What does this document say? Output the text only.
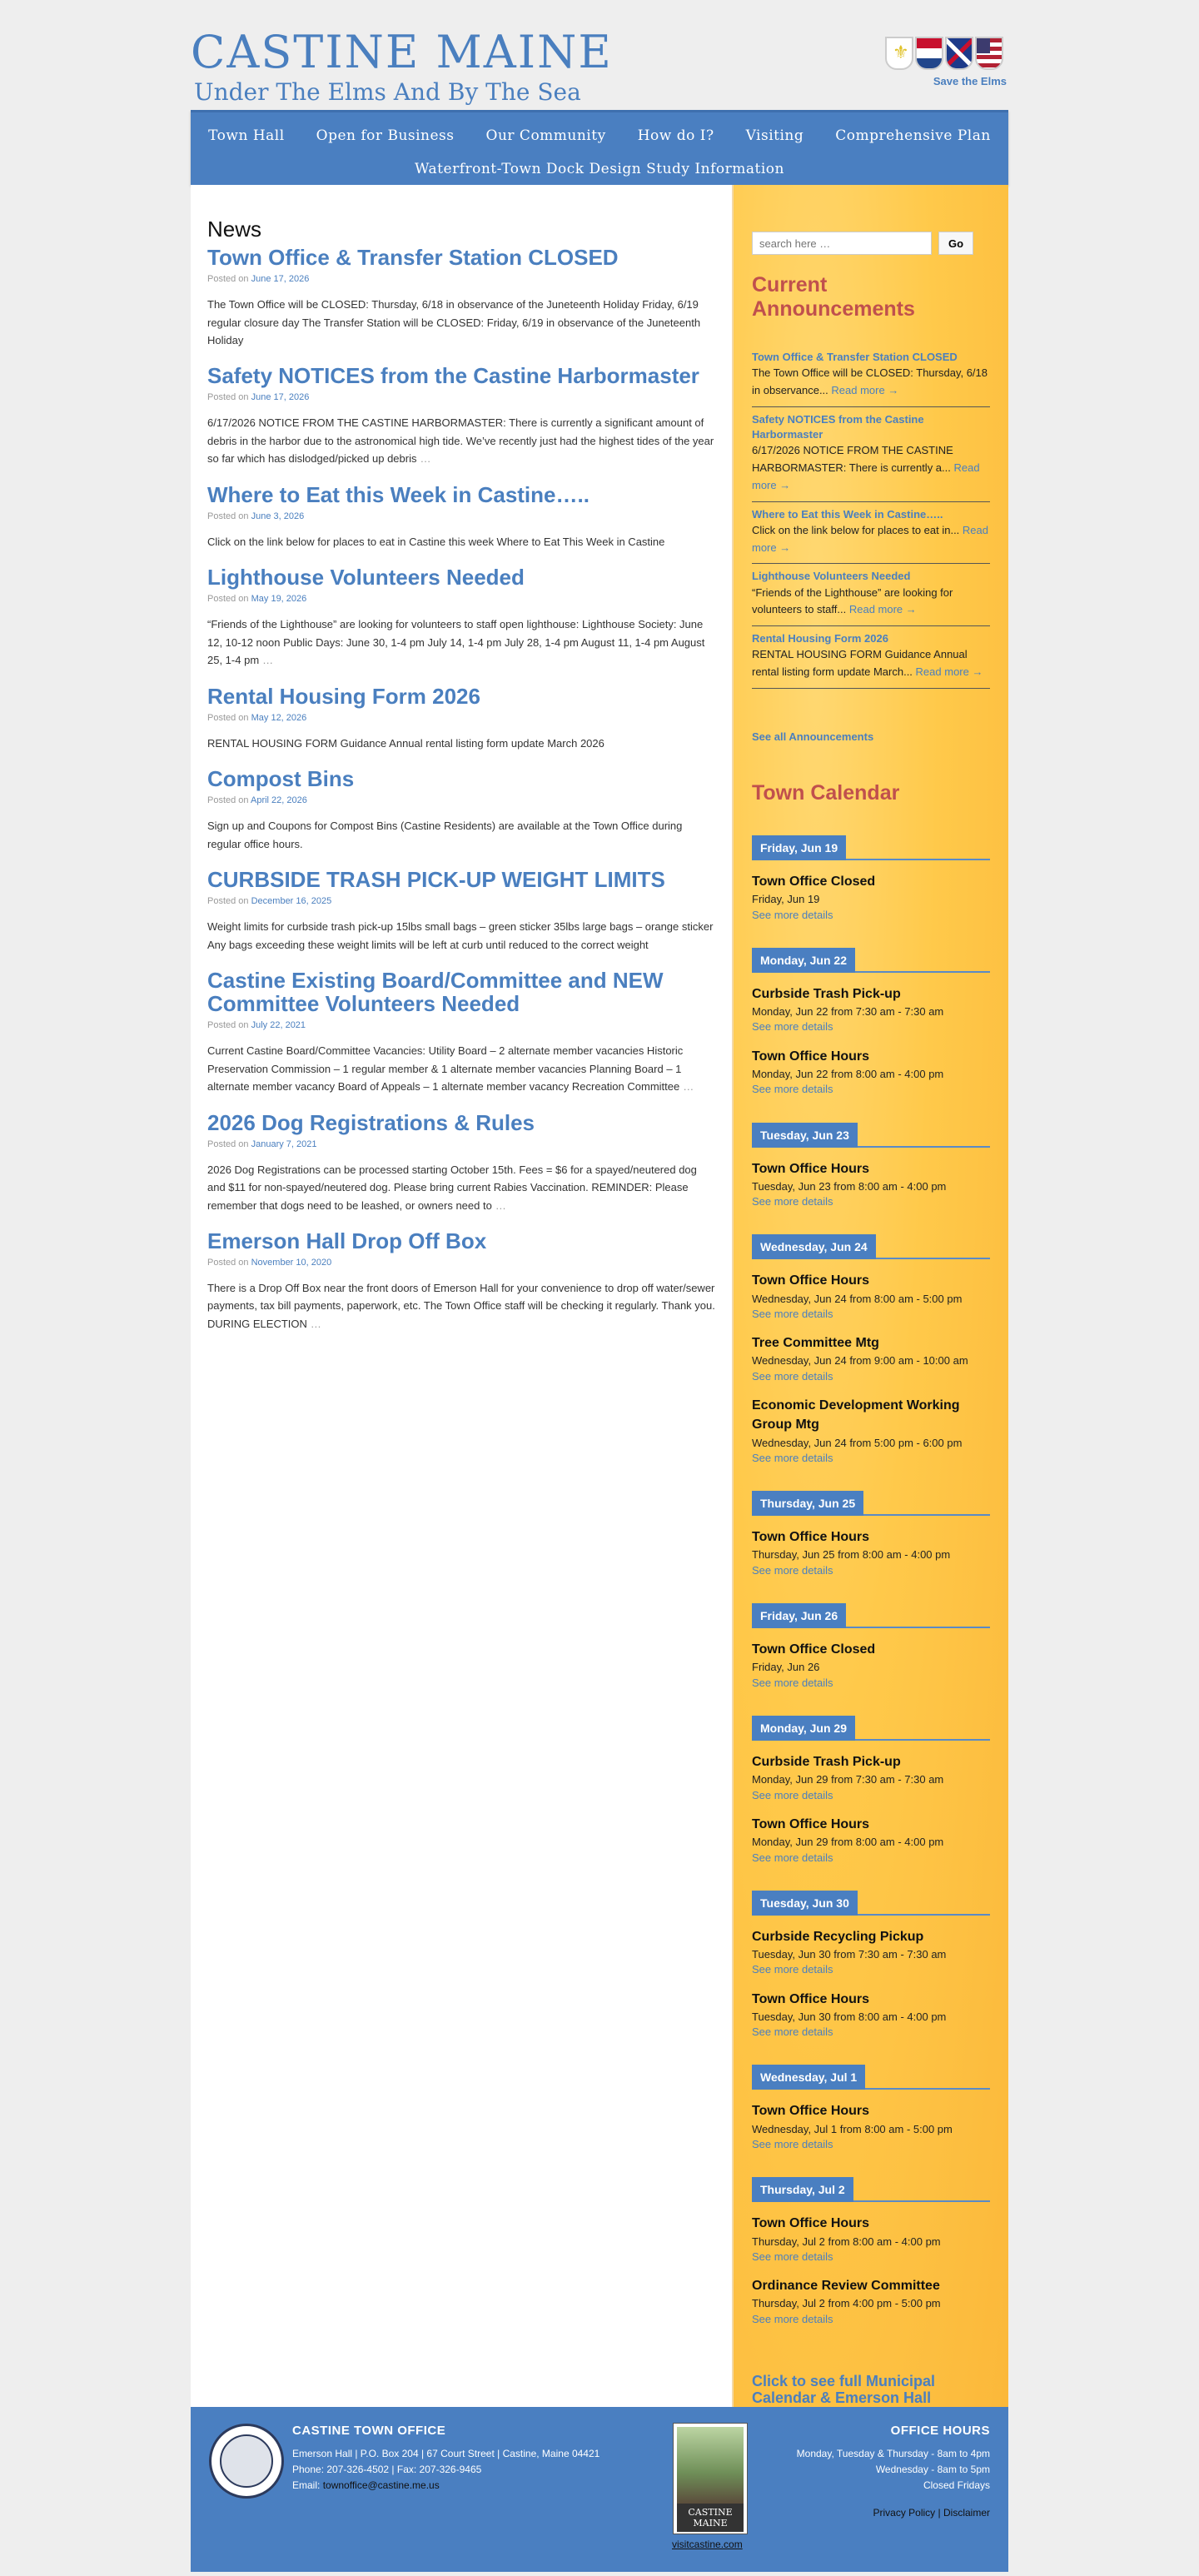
CASTINE MAINE
Under The Elms And By The Sea
⚜	Save the Elms
Town Hall Open for Business Our Community How do I? Visiting Comprehensive Plan
Waterfront-Town Dock Design Study Information
News
Town Office & Transfer Station CLOSED
Posted on June 17, 2026
The Town Office will be CLOSED: Thursday, 6/18 in observance of the Juneteenth Holiday Friday, 6/19 regular closure day The Transfer Station will be CLOSED: Friday, 6/19 in observance of the Juneteenth Holiday
Safety NOTICES from the Castine Harbormaster
Posted on June 17, 2026
6/17/2026 NOTICE FROM THE CASTINE HARBORMASTER: There is currently a significant amount of debris in the harbor due to the astronomical high tide. We’ve recently just had the highest tides of the year so far which has dislodged/picked up debris …
Where to Eat this Week in Castine…..
Posted on June 3, 2026
Click on the link below for places to eat in Castine this week Where to Eat This Week in Castine
Lighthouse Volunteers Needed
Posted on May 19, 2026
“Friends of the Lighthouse” are looking for volunteers to staff open lighthouse: Lighthouse Society: June 12, 10-12 noon Public Days: June 30, 1-4 pm July 14, 1-4 pm July 28, 1-4 pm August 11, 1-4 pm August 25, 1-4 pm …
Rental Housing Form 2026
Posted on May 12, 2026
RENTAL HOUSING FORM Guidance Annual rental listing form update March 2026
Compost Bins
Posted on April 22, 2026
Sign up and Coupons for Compost Bins (Castine Residents) are available at the Town Office during regular office hours.
CURBSIDE TRASH PICK-UP WEIGHT LIMITS
Posted on December 16, 2025
Weight limits for curbside trash pick-up 15lbs small bags – green sticker 35lbs large bags – orange sticker Any bags exceeding these weight limits will be left at curb until reduced to the correct weight
Castine Existing Board/Committee and NEW Committee Volunteers Needed
Posted on July 22, 2021
Current Castine Board/Committee Vacancies: Utility Board – 2 alternate member vacancies Historic Preservation Commission – 1 regular member & 1 alternate member vacancies Planning Board – 1 alternate member vacancy Board of Appeals – 1 alternate member vacancy Recreation Committee …
2026 Dog Registrations & Rules
Posted on January 7, 2021
2026 Dog Registrations can be processed starting October 15th. Fees = $6 for a spayed/neutered dog and $11 for non-spayed/neutered dog. Please bring current Rabies Vaccination. REMINDER: Please remember that dogs need to be leashed, or owners need to …
Emerson Hall Drop Off Box
Posted on November 10, 2020
There is a Drop Off Box near the front doors of Emerson Hall for your convenience to drop off water/sewer payments, tax bill payments, paperwork, etc. The Town Office staff will be checking it regularly. Thank you. DURING ELECTION …
search here …
Go
Current Announcements
Town Office & Transfer Station CLOSED
The Town Office will be CLOSED: Thursday, 6/18 in observance... Read more →
Safety NOTICES from the Castine Harbormaster
6/17/2026 NOTICE FROM THE CASTINE HARBORMASTER: There is currently a... Read more →
Where to Eat this Week in Castine…..
Click on the link below for places to eat in... Read more →
Lighthouse Volunteers Needed
“Friends of the Lighthouse” are looking for volunteers to staff... Read more →
Rental Housing Form 2026
RENTAL HOUSING FORM Guidance Annual rental listing form update March... Read more →
See all Announcements
Town Calendar
Friday, Jun 19
Town Office Closed
Friday, Jun 19
See more details
Monday, Jun 22
Curbside Trash Pick-up
Monday, Jun 22 from 7:30 am - 7:30 am
See more details
Town Office Hours
Monday, Jun 22 from 8:00 am - 4:00 pm
See more details
Tuesday, Jun 23
Town Office Hours
Tuesday, Jun 23 from 8:00 am - 4:00 pm
See more details
Wednesday, Jun 24
Town Office Hours
Wednesday, Jun 24 from 8:00 am - 5:00 pm
See more details
Tree Committee Mtg
Wednesday, Jun 24 from 9:00 am - 10:00 am
See more details
Economic Development Working Group Mtg
Wednesday, Jun 24 from 5:00 pm - 6:00 pm
See more details
Thursday, Jun 25
Town Office Hours
Thursday, Jun 25 from 8:00 am - 4:00 pm
See more details
Friday, Jun 26
Town Office Closed
Friday, Jun 26
See more details
Monday, Jun 29
Curbside Trash Pick-up
Monday, Jun 29 from 7:30 am - 7:30 am
See more details
Town Office Hours
Monday, Jun 29 from 8:00 am - 4:00 pm
See more details
Tuesday, Jun 30
Curbside Recycling Pickup
Tuesday, Jun 30 from 7:30 am - 7:30 am
See more details
Town Office Hours
Tuesday, Jun 30 from 8:00 am - 4:00 pm
See more details
Wednesday, Jul 1
Town Office Hours
Wednesday, Jul 1 from 8:00 am - 5:00 pm
See more details
Thursday, Jul 2
Town Office Hours
Thursday, Jul 2 from 8:00 am - 4:00 pm
See more details
Ordinance Review Committee
Thursday, Jul 2 from 4:00 pm - 5:00 pm
See more details
Click to see full Municipal Calendar & Emerson Hall
CASTINE TOWN OFFICE
Emerson Hall | P.O. Box 204 | 67 Court Street | Castine, Maine 04421
Phone: 207-326-4502 | Fax: 207-326-9465
Email: townoffice@castine.me.us
CASTINE MAINE
visitcastine.com
OFFICE HOURS
Monday, Tuesday & Thursday - 8am to 4pm
Wednesday - 8am to 5pm
Closed Fridays
Privacy Policy | Disclaimer
